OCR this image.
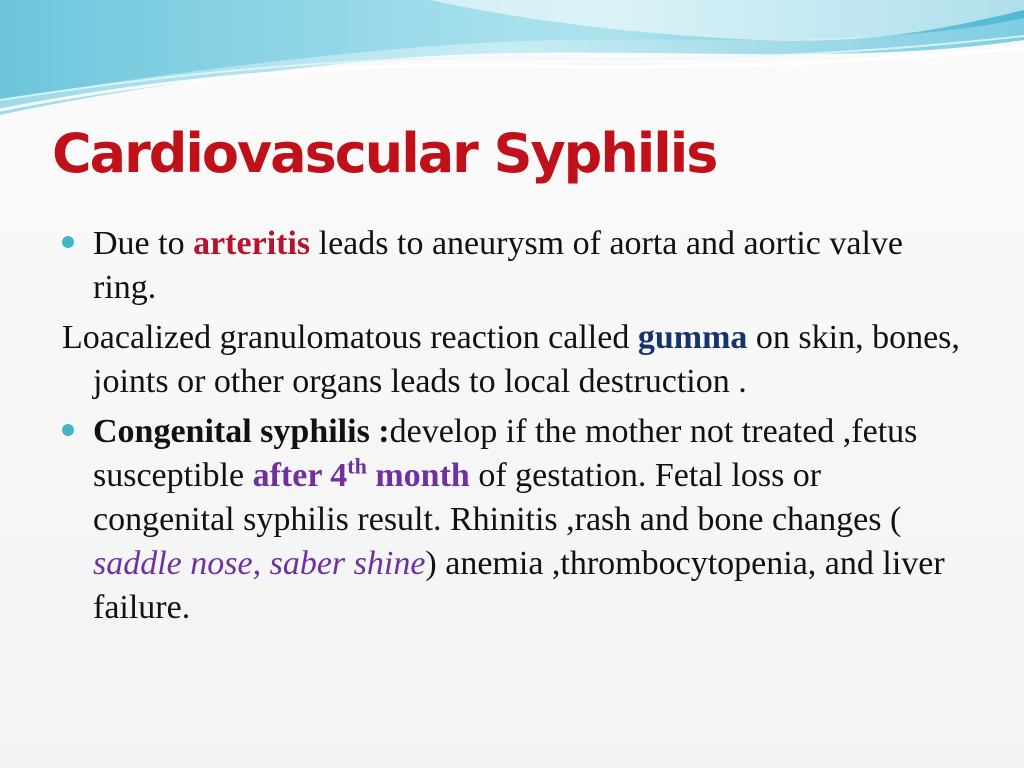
Cardiovascular Syphilis

Due to arteritis leads to aneurysm of aorta and aortic valve ring.

Loacalized granulomatous reaction called gumma on skin, bones, joints or other organs leads to local destruction .

Congenital syphilis :develop if the mother not treated ,fetus susceptible after 4th month of gestation. Fetal loss or congenital syphilis result. Rhinitis ,rash and bone changes ( saddle nose, saber shine) anemia ,thrombocytopenia, and liver failure.
